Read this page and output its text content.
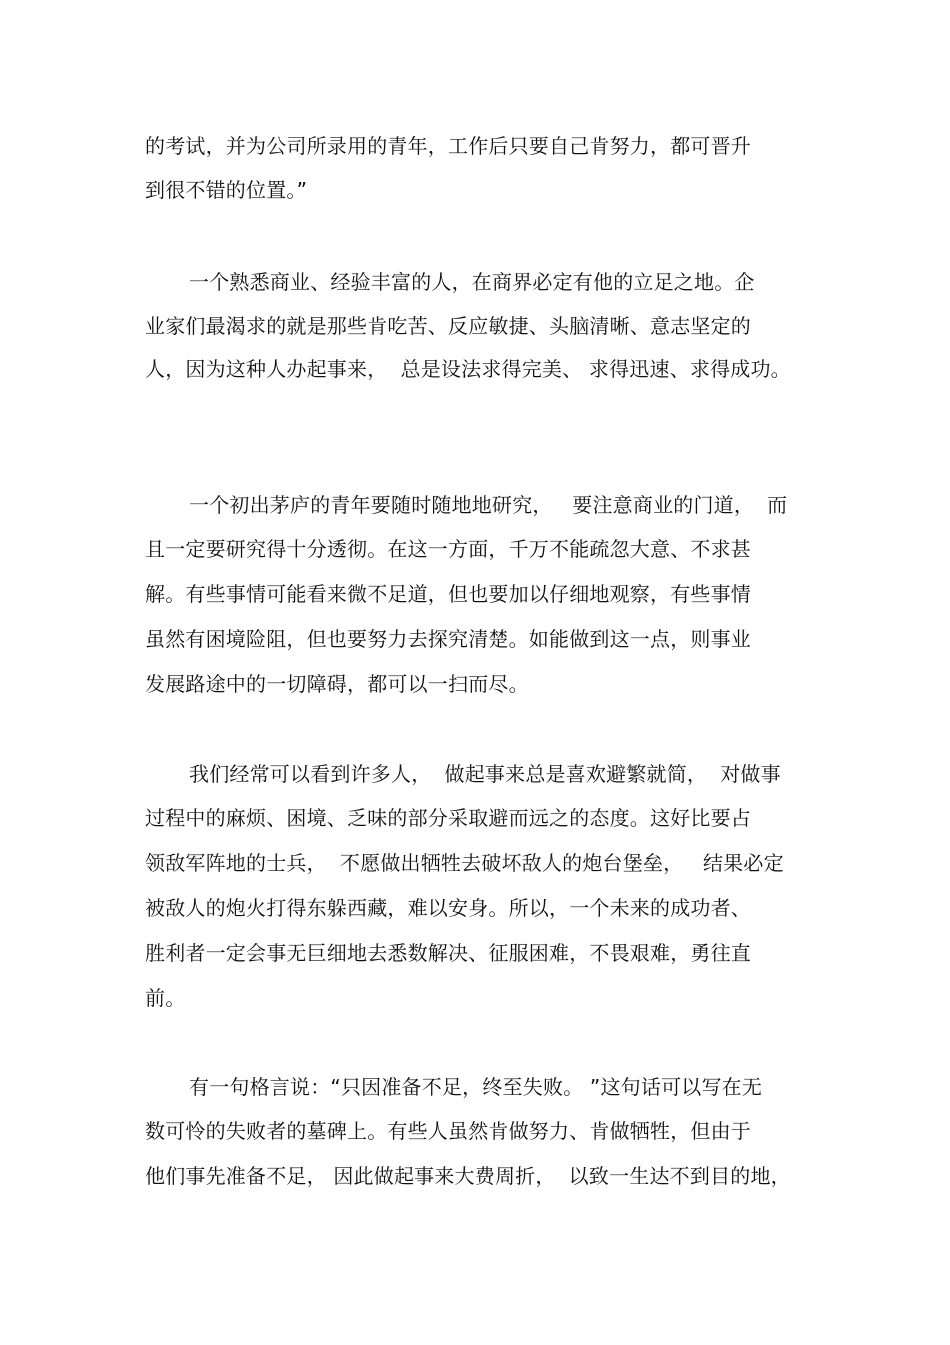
的考试，并为公司所录用的青年，工作后只要自己肯努力，都可晋升
到很不错的位置。”
一个熟悉商业、经验丰富的人，在商界必定有他的立足之地。企
业家们最渴求的就是那些肯吃苦、反应敏捷、头脑清晰、意志坚定的
人，因为这种人办起事来，  总是设法求得完美、 求得迅速、求得成功。
一个初出茅庐的青年要随时随地地研究，   要注意商业的门道，  而
且一定要研究得十分透彻。在这一方面，千万不能疏忽大意、不求甚
解。有些事情可能看来微不足道，但也要加以仔细地观察，有些事情
虽然有困境险阻，但也要努力去探究清楚。如能做到这一点，则事业
发展路途中的一切障碍，都可以一扫而尽。
我们经常可以看到许多人，  做起事来总是喜欢避繁就简，  对做事
过程中的麻烦、困境、乏味的部分采取避而远之的态度。这好比要占
领敌军阵地的士兵，  不愿做出牺牲去破坏敌人的炮台堡垒，   结果必定
被敌人的炮火打得东躲西藏，难以安身。所以，一个未来的成功者、
胜利者一定会事无巨细地去悉数解决、征服困难，不畏艰难，勇往直
前。
有一句格言说：“只因准备不足，终至失败。 ”这句话可以写在无
数可怜的失败者的墓碑上。有些人虽然肯做努力、肯做牺牲，但由于
他们事先准备不足， 因此做起事来大费周折，  以致一生达不到目的地，
